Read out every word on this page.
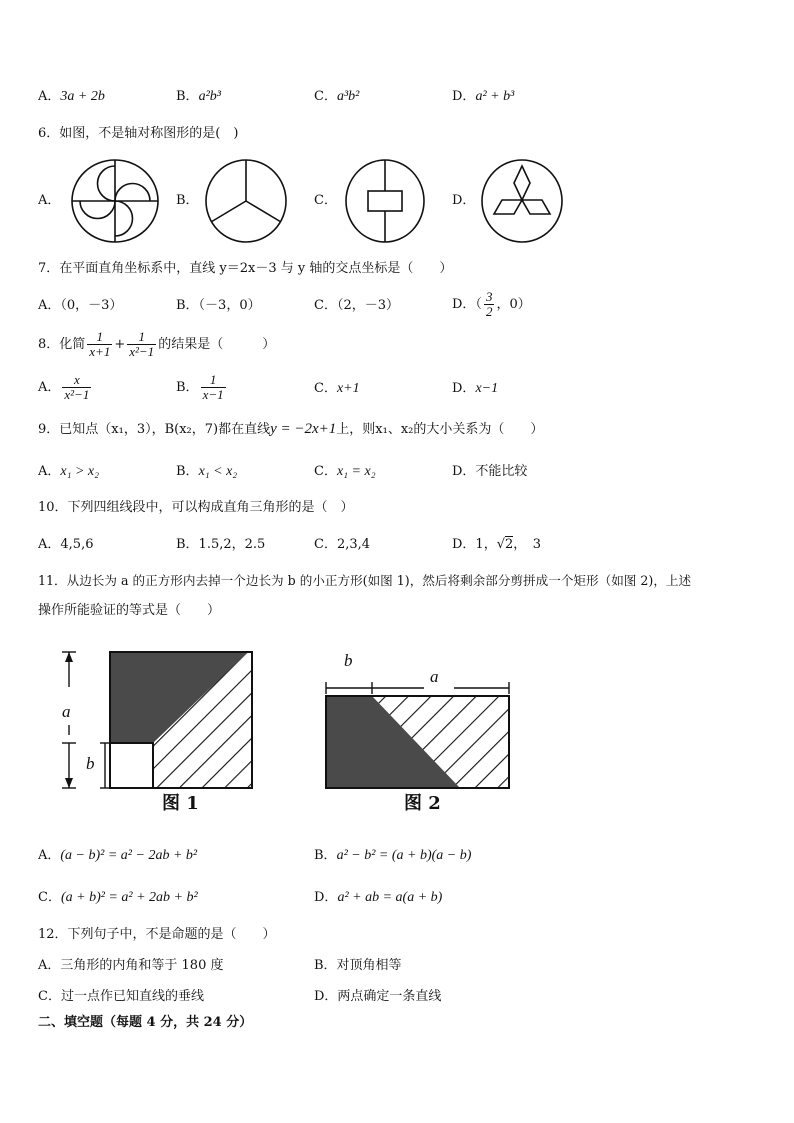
A．3a + 2b	B．a²b³	C．a³b²	D．a² + b³
6．如图，不是轴对称图形的是(　)
A．	B．	C．	D．
7．在平面直角坐标系中，直线 y＝2x－3 与 y 轴的交点坐标是（　　）
A．（0，－3）	B．（－3，0）	C．（2，－3）	D．（ $\frac{3}{2}$ ，0）
8．化简 $\frac{1}{x+1} + \frac{1}{\text{x²−1}}$ 的结果是（　　　）
A． $\frac{x}{\text{x²−1}}$	B． $\frac{1}{x-1}$	C．x+1	D．x−1
9．已知点（x₁，3），B(x₂，7)都在直线y = −2x+1上，则x₁、x₂的大小关系为（　　）
A．x₁ > x₂	B．x₁ < x₂	C．x₁ = x₂	D．不能比较
10．下列四组线段中，可以构成直角三角形的是（　）
A．4,5,6	B．1.5,2，2.5	C．2,3,4	D．1，√2，　3
11．从边长为 a 的正方形内去掉一个边长为 b 的小正方形(如图 1)，然后将剩余部分剪拼成一个矩形（如图 2)，上述
操作所能验证的等式是（　　）
a
b
图 1
b
a
图 2
A．(a − b)² = a² − 2ab + b²	B．a² − b² = (a + b)(a − b)
C．(a + b)² = a² + 2ab + b²	D．a² + ab = a(a + b)
12．下列句子中，不是命题的是（　　）
A．三角形的内角和等于 180 度	B．对顶角相等
C．过一点作已知直线的垂线	D．两点确定一条直线
二、填空题（每题 4 分，共 24 分）
